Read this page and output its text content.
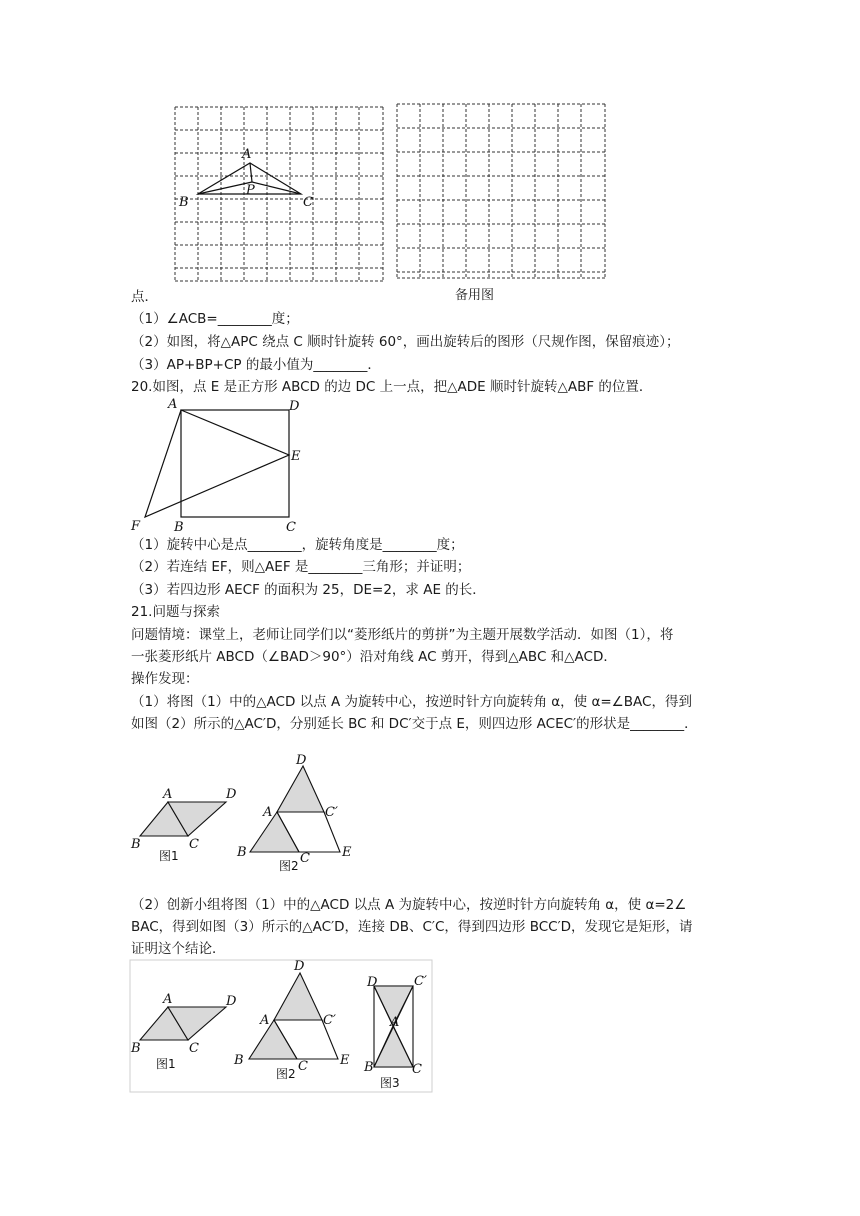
A
P
B	C
备用图
点．
（1）∠ACB=________度；
（2）如图，将△APC 绕点 C 顺时针旋转 60°，画出旋转后的图形（尺规作图，保留痕迹）；
（3）AP+BP+CP 的最小值为________．
20.如图，点 E 是正方形 ABCD 的边 DC 上一点，把△ADE 顺时针旋转△ABF 的位置．
A	D
E
F	B	C
（1）旋转中心是点________，旋转角度是________度；
（2）若连结 EF，则△AEF 是________三角形；并证明；
（3）若四边形 AECF 的面积为 25，DE=2，求 AE 的长．
21.问题与探索
问题情境：课堂上，老师让同学们以“菱形纸片的剪拼”为主题开展数学活动．如图（1），将
一张菱形纸片 ABCD（∠BAD＞90°）沿对角线 AC 剪开，得到△ABC 和△ACD．
操作发现：
（1）将图（1）中的△ACD 以点 A 为旋转中心，按逆时针方向旋转角 α，使 α=∠BAC，得到
如图（2）所示的△AC′D，分别延长 BC 和 DC′交于点 E，则四边形 ACEC′的形状是________．
A	D
B	C
图1
D
A	C′
B	C E
图2
（2）创新小组将图（1）中的△ACD 以点 A 为旋转中心，按逆时针方向旋转角 α，使 α=2∠
BAC，得到如图（3）所示的△AC′D，连接 DB、C′C，得到四边形 BCC′D，发现它是矩形，请
证明这个结论．
A	D
B	C
图1
D
A	C′
B	C E
图2
D	C′
A
B	C
图3
